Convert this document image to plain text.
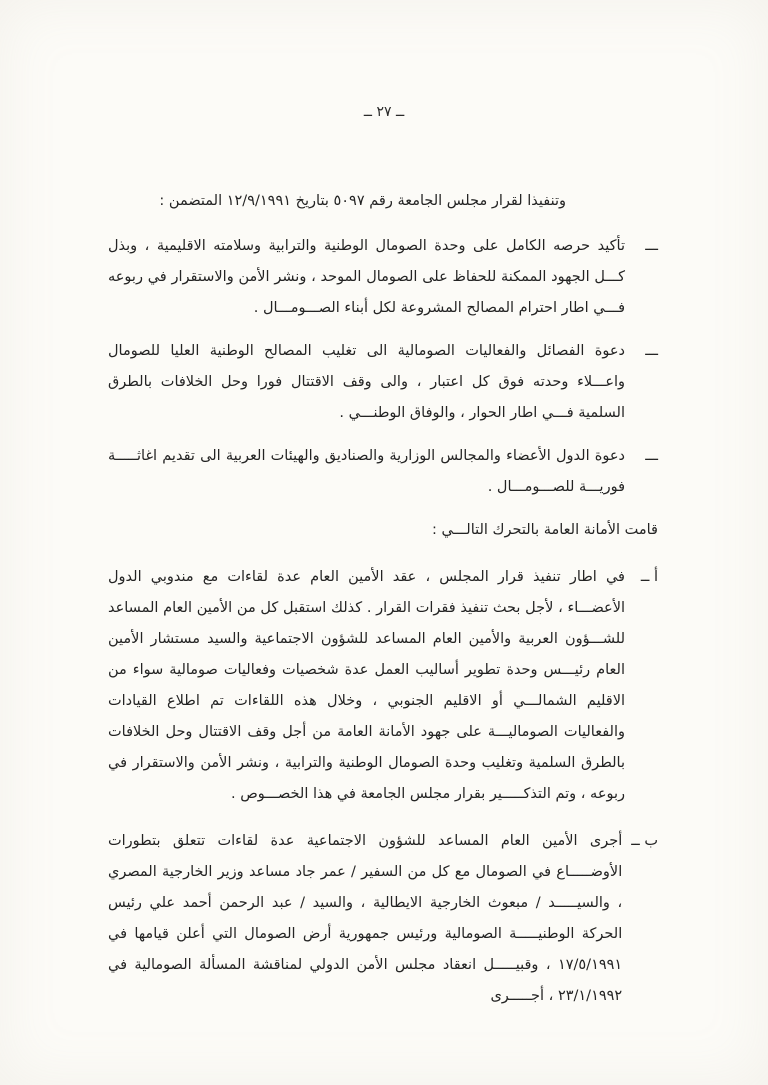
ــ ٢٧ ــ

وتنفيذا لقرار مجلس الجامعة رقم ٥٠٩٧ بتاريخ ١٢/٩/١٩٩١ المتضمن :

ـــ
تأكيد حرصه الكامل على وحدة الصومال الوطنية والترابية وسلامته الاقليمية ، وبذل كـــل الجهود الممكنة للحفاظ على الصومال الموحد ، ونشر الأمن والاستقرار في ربوعه فـــي اطار احترام المصالح المشروعة لكل أبناء الصـــومـــال .
ـــ
دعوة الفصائل والفعاليات الصومالية الى تغليب المصالح الوطنية العليا للصومال واعـــلاء وحدته فوق كل اعتبار ، والى وقف الاقتتال فورا وحل الخلافات بالطرق السلمية فـــي اطار الحوار ، والوفاق الوطنـــي .
ـــ
دعوة الدول الأعضاء والمجالس الوزارية والصناديق والهيئات العربية الى تقديم اغاثـــــة فوريـــة للصـــومـــال .

قامت الأمانة العامة بالتحرك التالـــي :

أ ــ
في اطار تنفيذ قرار المجلس ، عقد الأمين العام عدة لقاءات مع مندوبي الدول الأعضـــاء ، لأجل بحث تنفيذ فقرات القرار . كذلك استقبل كل من الأمين العام المساعد للشـــؤون العربية والأمين العام المساعد للشؤون الاجتماعية والسيد مستشار الأمين العام رئيـــس وحدة تطوير أساليب العمل عدة شخصيات وفعاليات صومالية سواء من الاقليم الشمالـــي أو الاقليم الجنوبي ، وخلال هذه اللقاءات تم اطلاع القيادات والفعاليات الصوماليـــة على جهود الأمانة العامة من أجل وقف الاقتتال وحل الخلافات بالطرق السلمية وتغليب وحدة الصومال الوطنية والترابية ، ونشر الأمن والاستقرار في ربوعه ، وتم التذكـــــير بقرار مجلس الجامعة في هذا الخصـــوص .
ب ــ
أجرى الأمين العام المساعد للشؤون الاجتماعية عدة لقاءات تتعلق بتطورات الأوضـــــاع في الصومال مع كل من السفير / عمر جاد مساعد وزير الخارجية المصري ، والسيـــــد / مبعوث الخارجية الايطالية ، والسيد / عبد الرحمن أحمد علي رئيس الحركة الوطنيـــــة الصومالية ورئيس جمهورية أرض الصومال التي أعلن قيامها في ١٧/٥/١٩٩١ ، وقبيـــــل انعقاد مجلس الأمن الدولي لمناقشة المسألة الصومالية في ٢٣/١/١٩٩٢ ، أجـــــرى
